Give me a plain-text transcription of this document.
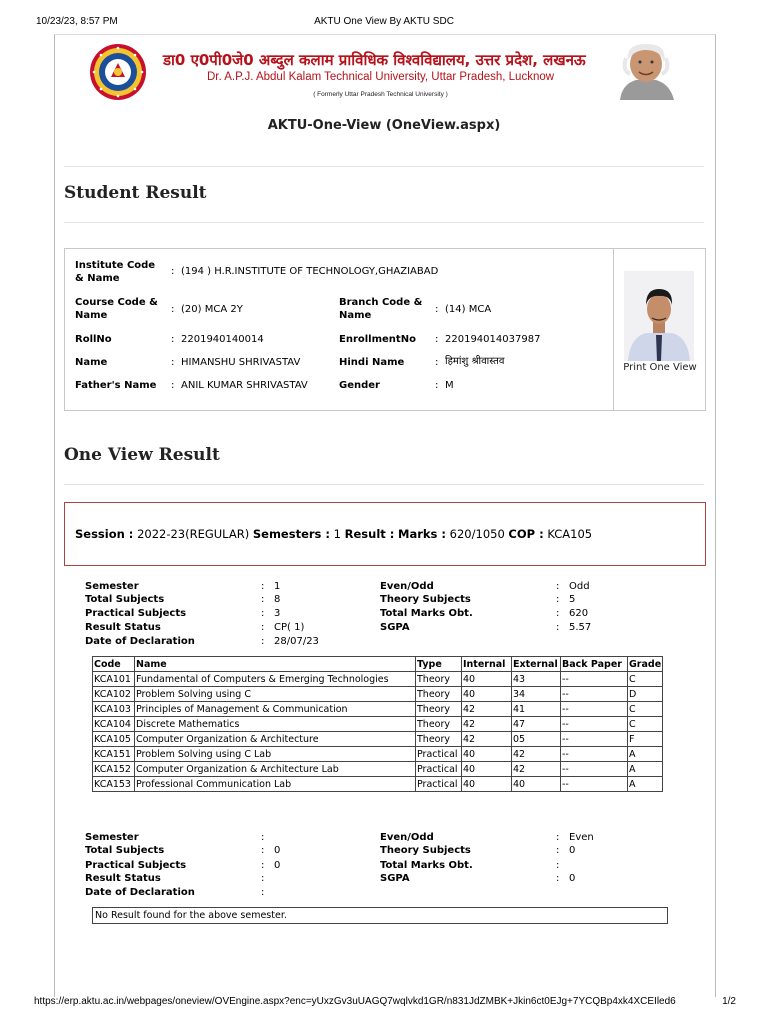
10/23/23, 8:57 PM	AKTU One View By AKTU SDC
डा0 ए0पी0जे0 अब्दुल कलाम प्राविधिक विश्वविद्यालय, उत्तर प्रदेश, लखनऊ
Dr. A.P.J. Abdul Kalam Technical University, Uttar Pradesh, Lucknow
( Formerly Uttar Pradesh Technical University )
AKTU-One-View (OneView.aspx)
Student Result
Institute Code & Name
: (194 ) H.R.INSTITUTE OF TECHNOLOGY,GHAZIABAD
Course Code & Name
: (20) MCA 2Y
Branch Code & Name
: (14) MCA
RollNo	: 2201940140014	EnrollmentNo : 220194014037987
Name	: HIMANSHU SHRIVASTAV	Hindi Name	: हिमांशु श्रीवास्तव
Father's Name : ANIL KUMAR SHRIVASTAV	Gender	: M
Print One View
One View Result
Session : 2022-23(REGULAR) Semesters : 1 Result : Marks : 620/1050 COP : KCA105
Semester	: 1	Even/Odd	: Odd
Total Subjects	: 8	Theory Subjects	: 5
Practical Subjects	: 3	Total Marks Obt.	: 620
Result Status	: CP( 1)	SGPA	: 5.57
Date of Declaration	: 28/07/23
Code	Name	Type	Internal	External	Back Paper	Grade
KCA101	Fundamental of Computers & Emerging Technologies	Theory	40	43	--	C
KCA102	Problem Solving using C	Theory	40	34	--	D
KCA103	Principles of Management & Communication	Theory	42	41	--	C
KCA104	Discrete Mathematics	Theory	42	47	--	C
KCA105	Computer Organization & Architecture	Theory	42	05	--	F
KCA151	Problem Solving using C Lab	Practical	40	42	--	A
KCA152	Computer Organization & Architecture Lab	Practical	40	42	--	A
KCA153	Professional Communication Lab	Practical	40	40	--	A
Semester	:	Even/Odd	: Even
Total Subjects	: 0	Theory Subjects	: 0
Practical Subjects	: 0	Total Marks Obt.	:
Result Status	:	SGPA	: 0
Date of Declaration	:
No Result found for the above semester.
https://erp.aktu.ac.in/webpages/oneview/OVEngine.aspx?enc=yUxzGv3uUAGQ7wqlvkd1GR/n831JdZMBK+Jkin6ct0EJg+7YCQBp4xk4XCEIled6	1/2
